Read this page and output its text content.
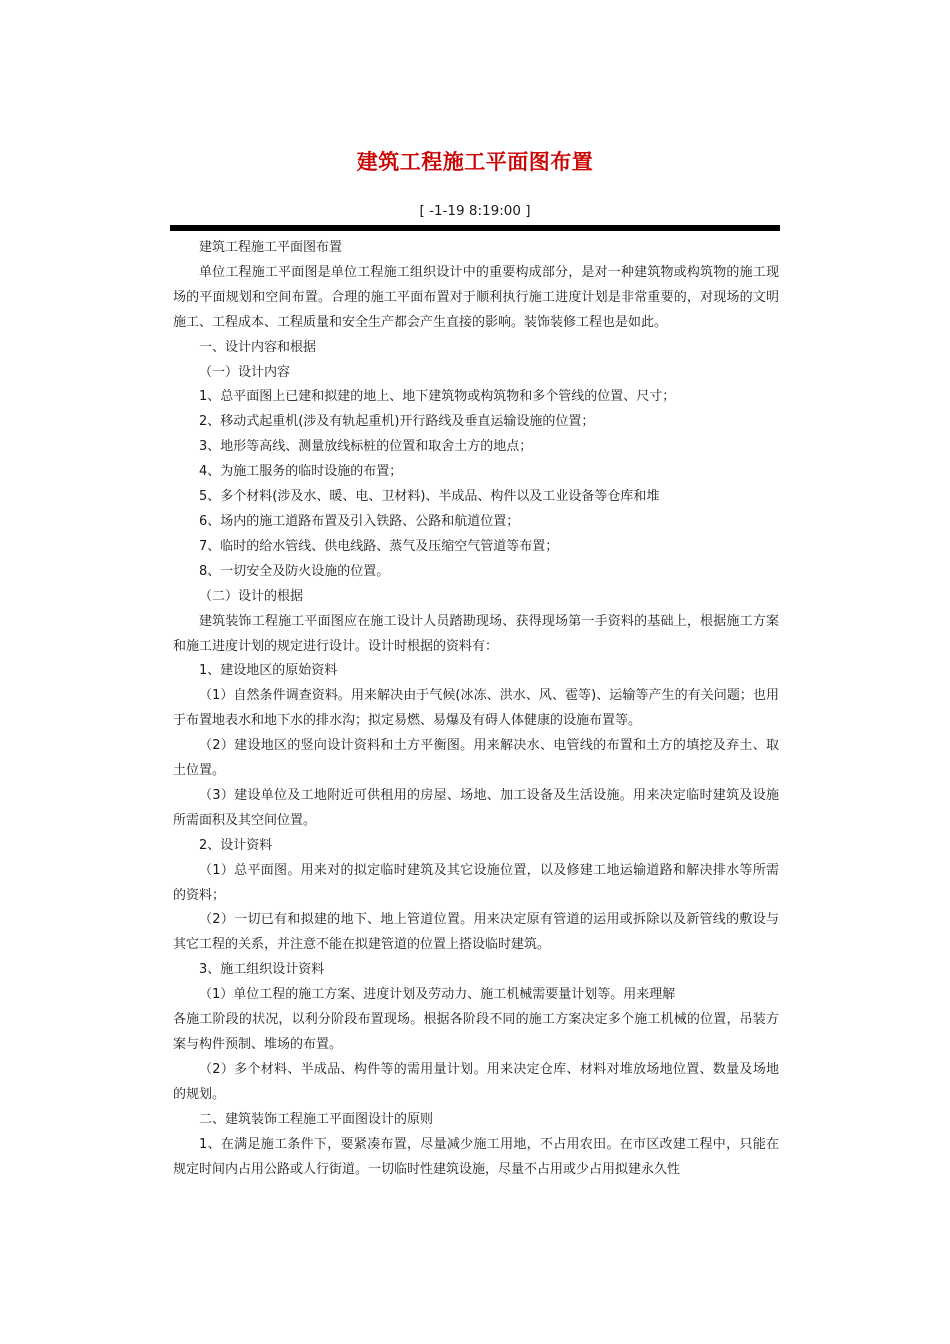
建筑工程施工平面图布置
[ -1-19 8:19:00 ]

建筑工程施工平面图布置

单位工程施工平面图是单位工程施工组织设计中的重要构成部分，是对一种建筑物或构筑物的施工现场的平面规划和空间布置。合理的施工平面布置对于顺利执行施工进度计划是非常重要的，对现场的文明施工、工程成本、工程质量和安全生产都会产生直接的影响。装饰装修工程也是如此。

一、设计内容和根据

（一）设计内容

1、总平面图上已建和拟建的地上、地下建筑物或构筑物和多个管线的位置、尺寸；

2、移动式起重机(涉及有轨起重机)开行路线及垂直运输设施的位置；

3、地形等高线、测量放线标桩的位置和取舍土方的地点；

4、为施工服务的临时设施的布置；

5、多个材料(涉及水、暖、电、卫材料)、半成品、构件以及工业设备等仓库和堆

6、场内的施工道路布置及引入铁路、公路和航道位置；

7、临时的给水管线、供电线路、蒸气及压缩空气管道等布置；

8、一切安全及防火设施的位置。

（二）设计的根据

建筑装饰工程施工平面图应在施工设计人员踏勘现场、获得现场第一手资料的基础上，根据施工方案和施工进度计划的规定进行设计。设计时根据的资料有：

1、建设地区的原始资料

（1）自然条件调查资料。用来解决由于气候(冰冻、洪水、风、雹等)、运输等产生的有关问题；也用于布置地表水和地下水的排水沟；拟定易燃、易爆及有碍人体健康的设施布置等。

（2）建设地区的竖向设计资料和土方平衡图。用来解决水、电管线的布置和土方的填挖及弃土、取土位置。

（3）建设单位及工地附近可供租用的房屋、场地、加工设备及生活设施。用来决定临时建筑及设施所需面积及其空间位置。

2、设计资料

（1）总平面图。用来对的拟定临时建筑及其它设施位置，以及修建工地运输道路和解决排水等所需的资料；

（2）一切已有和拟建的地下、地上管道位置。用来决定原有管道的运用或拆除以及新管线的敷设与其它工程的关系，并注意不能在拟建管道的位置上搭设临时建筑。

3、施工组织设计资料

（1）单位工程的施工方案、进度计划及劳动力、施工机械需要量计划等。用来理解

各施工阶段的状况，以利分阶段布置现场。根据各阶段不同的施工方案决定多个施工机械的位置，吊装方案与构件预制、堆场的布置。

（2）多个材料、半成品、构件等的需用量计划。用来决定仓库、材料对堆放场地位置、数量及场地的规划。

二、建筑装饰工程施工平面图设计的原则

1、在满足施工条件下，要紧凑布置，尽量减少施工用地，不占用农田。在市区改建工程中，只能在规定时间内占用公路或人行街道。一切临时性建筑设施，尽量不占用或少占用拟建永久性
